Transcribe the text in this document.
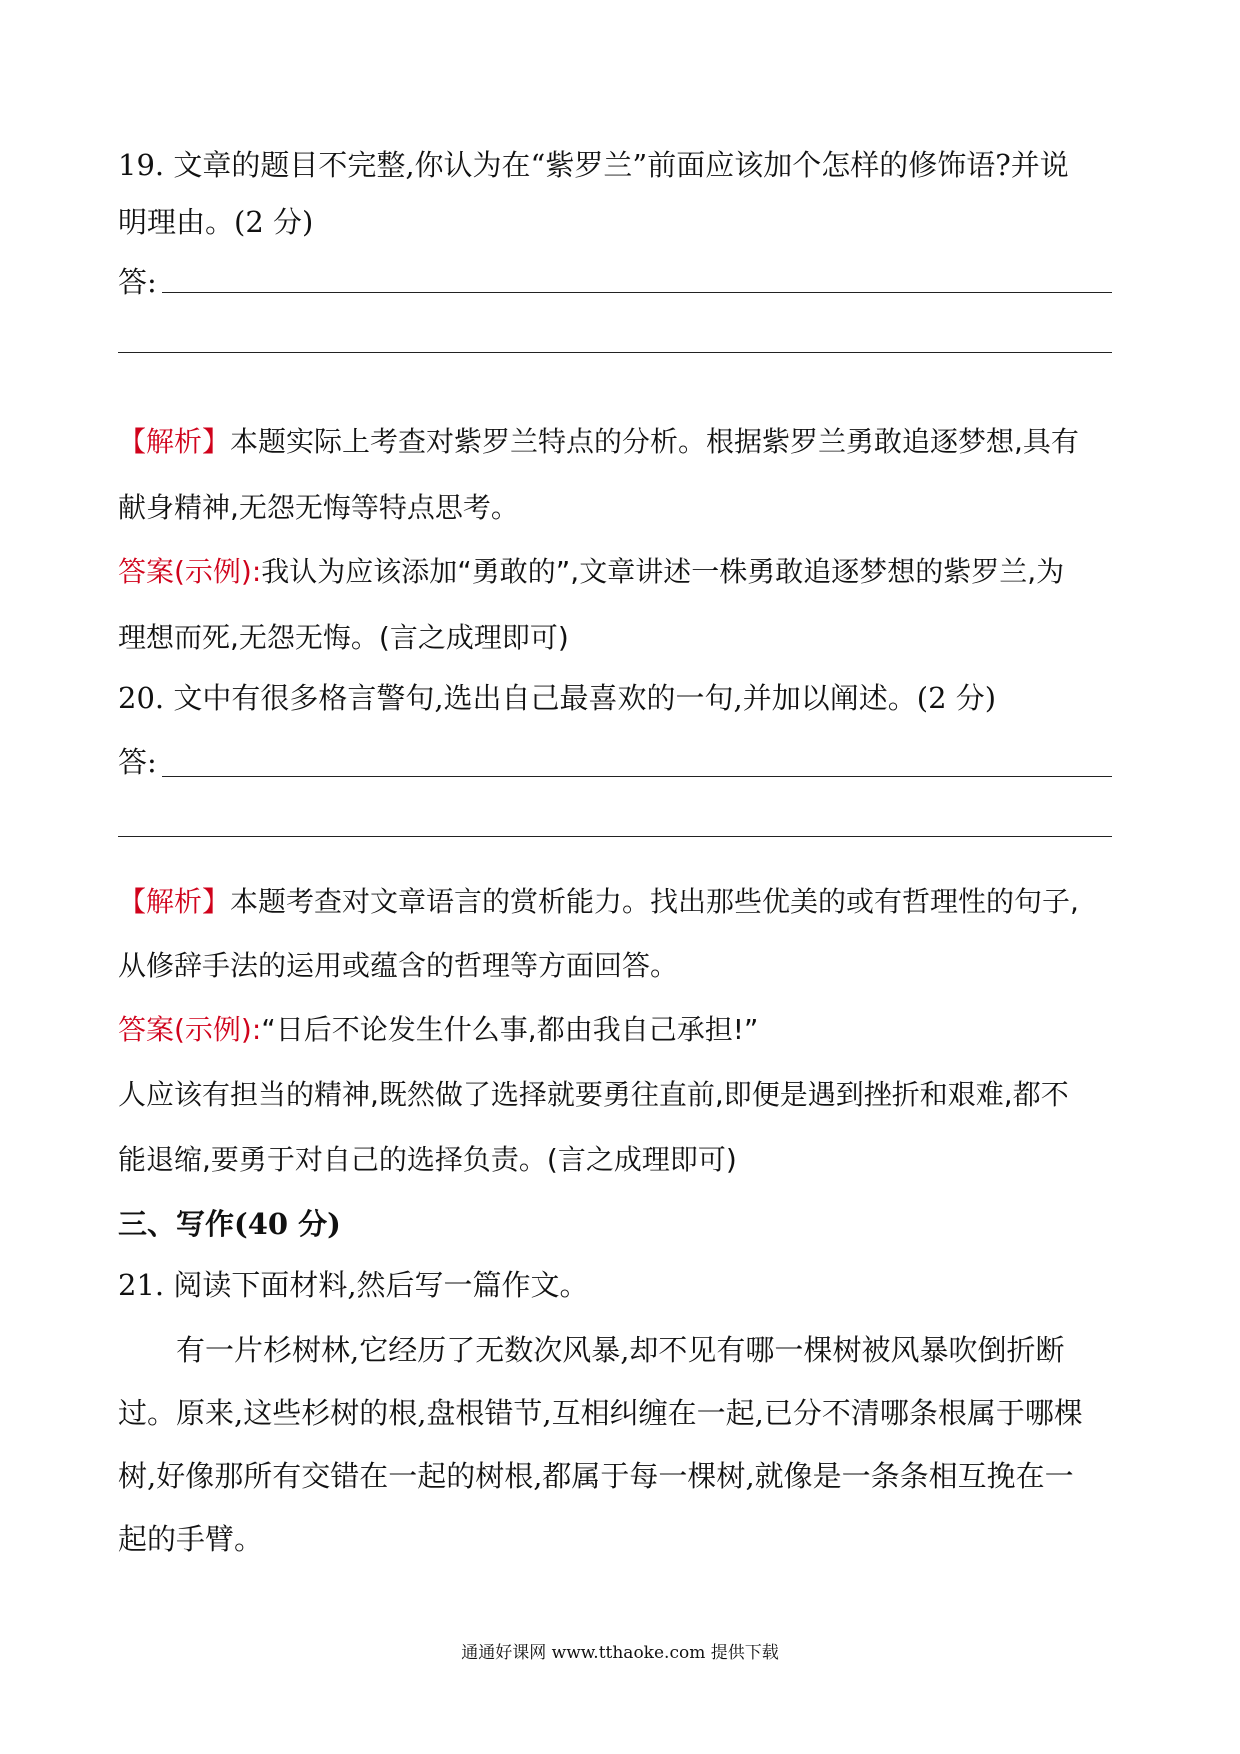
19. 文章的题目不完整,你认为在“紫罗兰”前面应该加个怎样的修饰语?并说
明理由。(2 分)
答:
【解析】本题实际上考查对紫罗兰特点的分析。根据紫罗兰勇敢追逐梦想,具有
献身精神,无怨无悔等特点思考。
答案(示例):我认为应该添加“勇敢的”,文章讲述一株勇敢追逐梦想的紫罗兰,为
理想而死,无怨无悔。(言之成理即可)
20. 文中有很多格言警句,选出自己最喜欢的一句,并加以阐述。(2 分)
答:
【解析】本题考查对文章语言的赏析能力。找出那些优美的或有哲理性的句子,
从修辞手法的运用或蕴含的哲理等方面回答。
答案(示例):“日后不论发生什么事,都由我自己承担!”
人应该有担当的精神,既然做了选择就要勇往直前,即便是遇到挫折和艰难,都不
能退缩,要勇于对自己的选择负责。(言之成理即可)
三、写作(40 分)
21. 阅读下面材料,然后写一篇作文。
有一片杉树林,它经历了无数次风暴,却不见有哪一棵树被风暴吹倒折断
过。原来,这些杉树的根,盘根错节,互相纠缠在一起,已分不清哪条根属于哪棵
树,好像那所有交错在一起的树根,都属于每一棵树,就像是一条条相互挽在一
起的手臂。
通通好课网 www.tthaoke.com 提供下载
